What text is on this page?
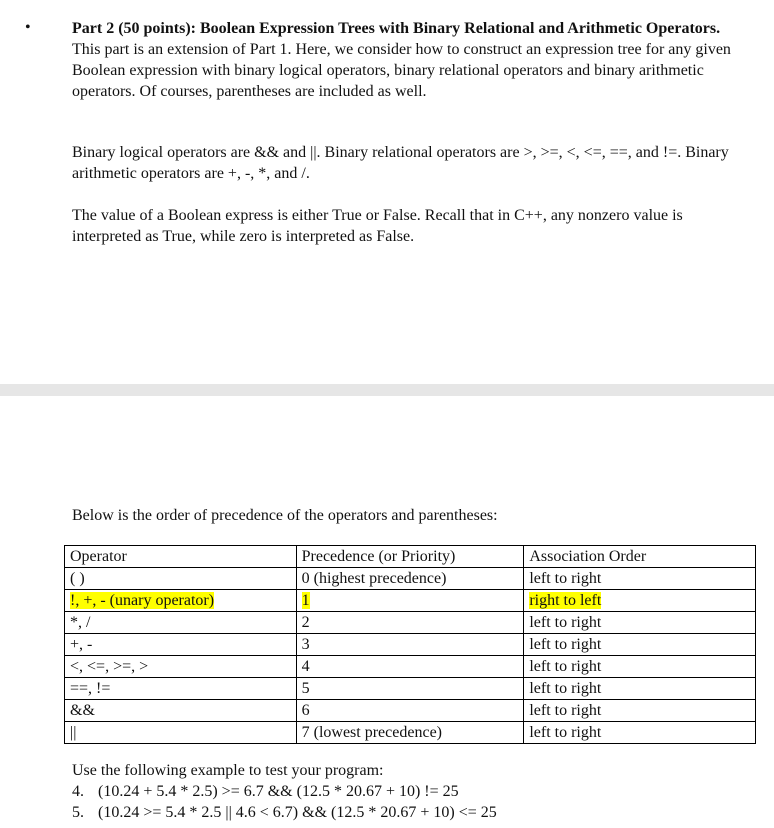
•	Part 2 (50 points): Boolean Expression Trees with Binary Relational and Arithmetic Operators. This part is an extension of Part 1. Here, we consider how to construct an expression tree for any given Boolean expression with binary logical operators, binary relational operators and binary arithmetic operators. Of courses, parentheses are included as well.
Binary logical operators are && and ||. Binary relational operators are >, >=, <, <=, ==, and !=. Binary arithmetic operators are +, -, *, and /.
The value of a Boolean express is either True or False. Recall that in C++, any nonzero value is interpreted as True, while zero is interpreted as False.
Below is the order of precedence of the operators and parentheses:
Operator	Precedence (or Priority)	Association Order
( )	0 (highest precedence)	left to right
!, +, - (unary operator)	1	right to left
*, /	2	left to right
+, -	3	left to right
<, <=, >=, >	4	left to right
==, !=	5	left to right
&&	6	left to right
||	7 (lowest precedence)	left to right
Use the following example to test your program:
4. (10.24 + 5.4 * 2.5) >= 6.7 && (12.5 * 20.67 + 10) != 25
5. (10.24 >= 5.4 * 2.5 || 4.6 < 6.7) && (12.5 * 20.67 + 10) <= 25
